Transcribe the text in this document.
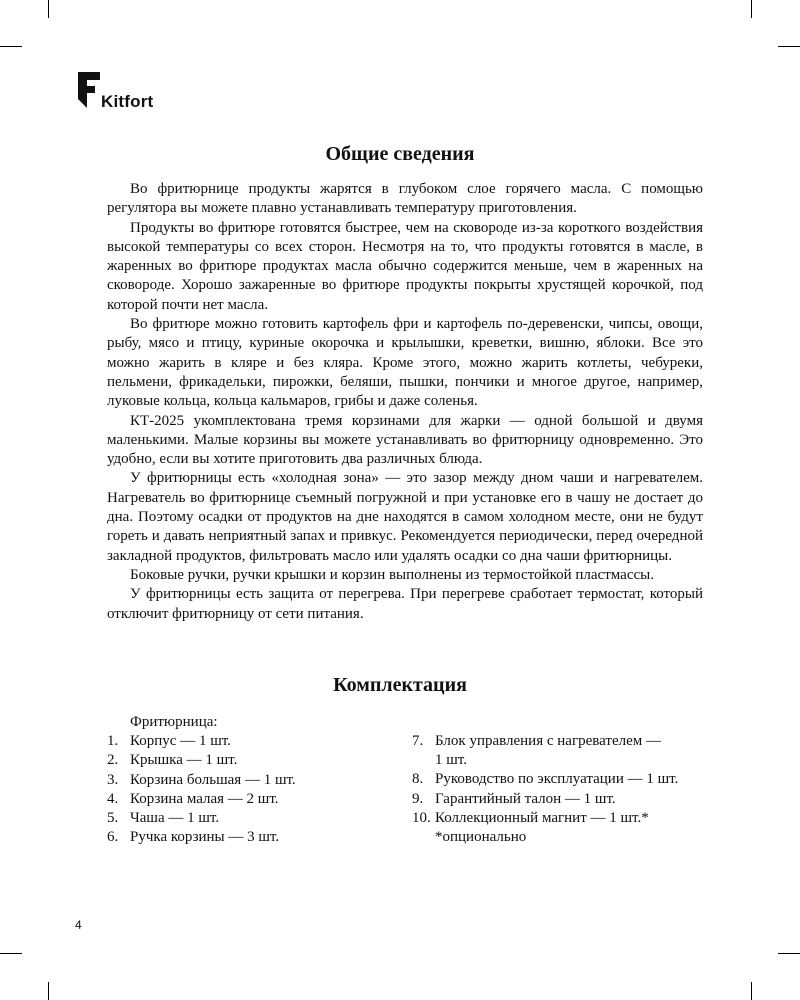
Kitfort
Общие сведения

Во фритюрнице продукты жарятся в глубоком слое горячего масла. С помощью регулятора вы можете плавно устанавливать температуру приготовления.

Продукты во фритюре готовятся быстрее, чем на сковороде из-за короткого воздействия высокой температуры со всех сторон. Несмотря на то, что продукты готовятся в масле, в жаренных во фритюре продуктах масла обычно содержится меньше, чем в жаренных на сковороде. Хорошо зажаренные во фритюре продукты покрыты хрустящей корочкой, под которой почти нет масла.

Во фритюре можно готовить картофель фри и картофель по-деревенски, чипсы, овощи, рыбу, мясо и птицу, куриные окорочка и крылышки, креветки, вишню, яблоки. Все это можно жарить в кляре и без кляра. Кроме этого, можно жарить котлеты, чебуреки, пельмени, фрикадельки, пирожки, беляши, пышки, пончики и многое другое, например, луковые кольца, кольца кальмаров, грибы и даже соленья.

КТ-2025 укомплектована тремя корзинами для жарки — одной большой и двумя маленькими. Малые корзины вы можете устанавливать во фритюрницу одновременно. Это удобно, если вы хотите приготовить два различных блюда.

У фритюрницы есть «холодная зона» — это зазор между дном чаши и нагревателем. Нагреватель во фритюрнице съемный погружной и при установке его в чашу не достает до дна. Поэтому осадки от продуктов на дне находятся в самом холодном месте, они не будут гореть и давать неприятный запах и привкус. Рекомендуется периодически, перед очередной закладной продуктов, фильтровать масло или удалять осадки со дна чаши фритюрницы.

Боковые ручки, ручки крышки и корзин выполнены из термостойкой пластмассы.

У фритюрницы есть защита от перегрева. При перегреве сработает термостат, который отключит фритюрницу от сети питания.

Комплектация
Фритюрница:
1. Корпус — 1 шт.
2. Крышка — 1 шт.
3. Корзина большая — 1 шт.
4. Корзина малая — 2 шт.
5. Чаша — 1 шт.
6. Ручка корзины — 3 шт.
7. Блок управления с нагревателем —
1 шт.
8. Руководство по эксплуатации — 1 шт.
9. Гарантийный талон — 1 шт.
10. Коллекционный магнит — 1 шт.*
*опционально
4
